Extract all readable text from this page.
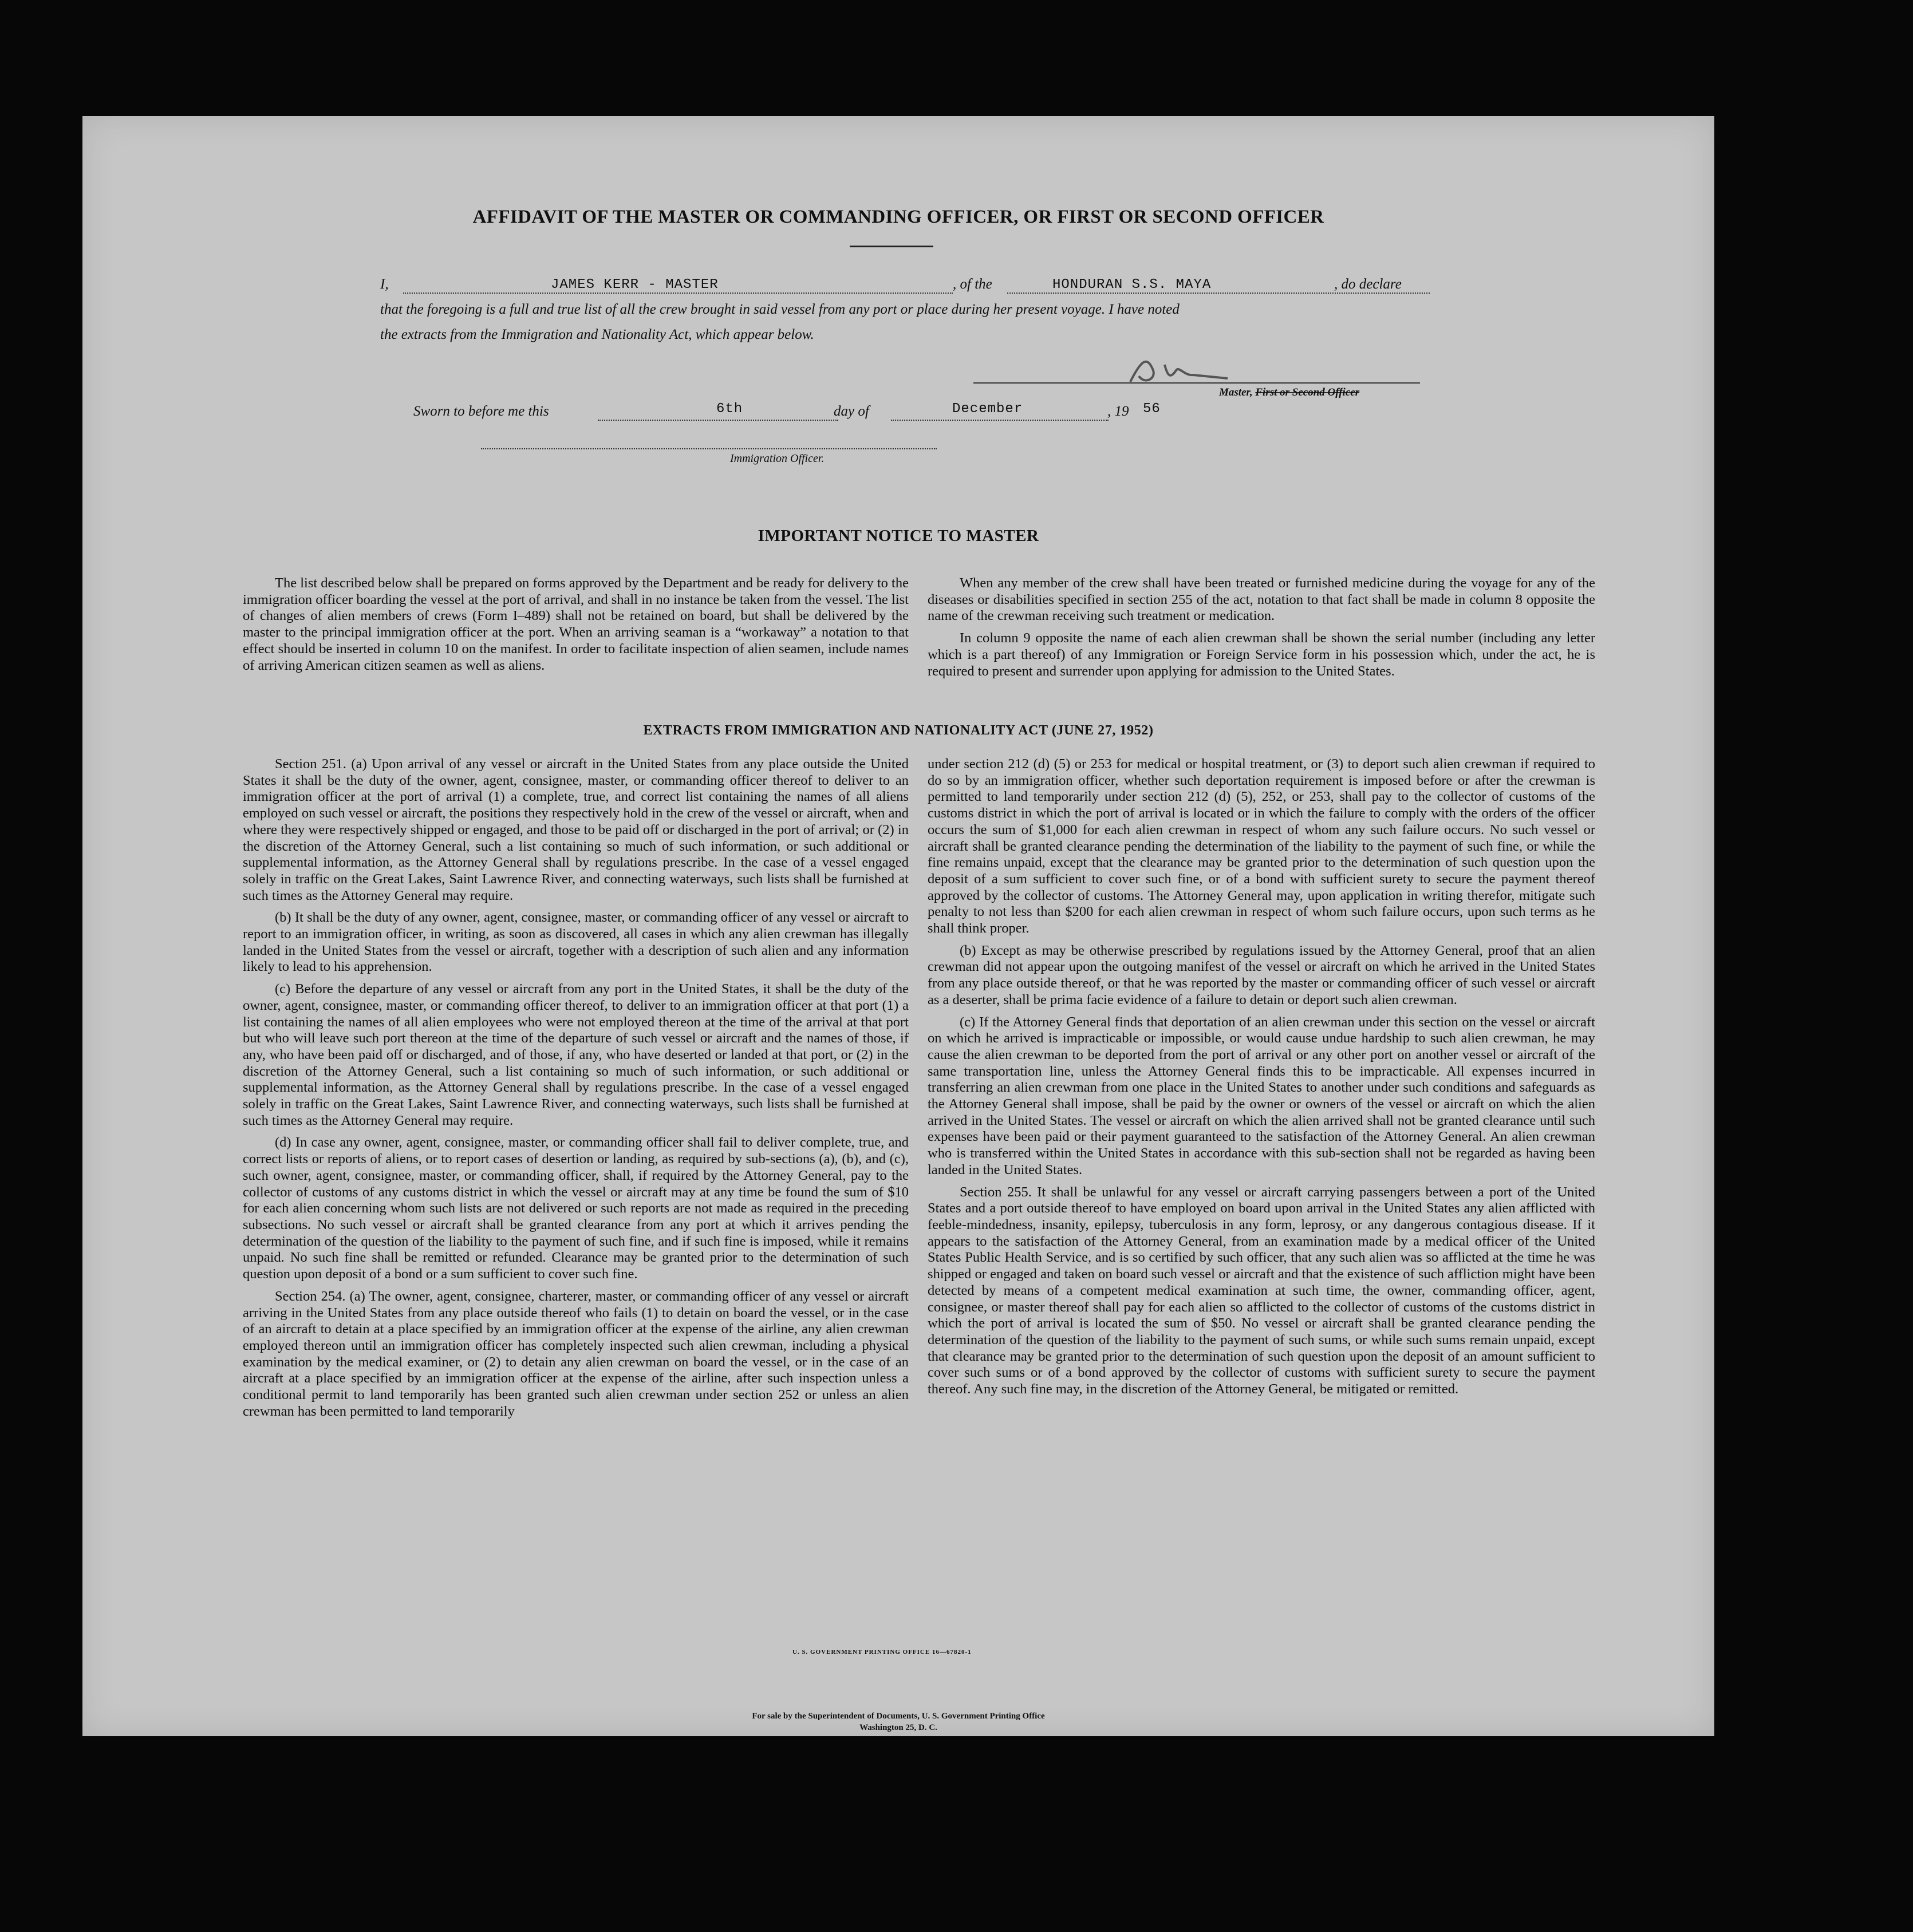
AFFIDAVIT OF THE MASTER OR COMMANDING OFFICER, OR FIRST OR SECOND OFFICER
I,	JAMES KERR - MASTER	, of the	HONDURAN S.S. MAYA	, do declare
that the foregoing is a full and true list of all the crew brought in said vessel from any port or place during her present voyage. I have noted
the extracts from the Immigration and Nationality Act, which appear below.
Master, First or Second Officer
Sworn to before me this	6th	day of	December	, 19 56
Immigration Officer.
IMPORTANT NOTICE TO MASTER

The list described below shall be prepared on forms approved by the Department and be ready for delivery to the immigration officer boarding the vessel at the port of arrival, and shall in no instance be taken from the vessel. The list of changes of alien members of crews (Form I–489) shall not be retained on board, but shall be delivered by the master to the principal immigration officer at the port. When an arriving seaman is a “workaway” a notation to that effect should be inserted in column 10 on the manifest. In order to facilitate inspection of alien seamen, include names of arriving American citizen seamen as well as aliens.

When any member of the crew shall have been treated or furnished medicine during the voyage for any of the diseases or disabilities specified in section 255 of the act, notation to that fact shall be made in column 8 opposite the name of the crewman receiving such treatment or medication.

In column 9 opposite the name of each alien crewman shall be shown the serial number (including any letter which is a part thereof) of any Immigration or Foreign Service form in his possession which, under the act, he is required to present and surrender upon applying for admission to the United States.

EXTRACTS FROM IMMIGRATION AND NATIONALITY ACT (JUNE 27, 1952)

Section 251. (a) Upon arrival of any vessel or aircraft in the United States from any place outside the United States it shall be the duty of the owner, agent, consignee, master, or commanding officer thereof to deliver to an immigration officer at the port of arrival (1) a complete, true, and correct list containing the names of all aliens employed on such vessel or aircraft, the positions they respectively hold in the crew of the vessel or aircraft, when and where they were respectively shipped or engaged, and those to be paid off or discharged in the port of arrival; or (2) in the discretion of the Attorney General, such a list containing so much of such information, or such additional or supplemental information, as the Attorney General shall by regulations prescribe. In the case of a vessel engaged solely in traffic on the Great Lakes, Saint Lawrence River, and connecting waterways, such lists shall be furnished at such times as the Attorney General may require.

(b) It shall be the duty of any owner, agent, consignee, master, or commanding officer of any vessel or aircraft to report to an immigration officer, in writing, as soon as discovered, all cases in which any alien crewman has illegally landed in the United States from the vessel or aircraft, together with a description of such alien and any information likely to lead to his apprehension.

(c) Before the departure of any vessel or aircraft from any port in the United States, it shall be the duty of the owner, agent, consignee, master, or commanding officer thereof, to deliver to an immigration officer at that port (1) a list containing the names of all alien employees who were not employed thereon at the time of the arrival at that port but who will leave such port thereon at the time of the departure of such vessel or aircraft and the names of those, if any, who have been paid off or discharged, and of those, if any, who have deserted or landed at that port, or (2) in the discretion of the Attorney General, such a list containing so much of such information, or such additional or supplemental information, as the Attorney General shall by regulations prescribe. In the case of a vessel engaged solely in traffic on the Great Lakes, Saint Lawrence River, and connecting waterways, such lists shall be furnished at such times as the Attorney General may require.

(d) In case any owner, agent, consignee, master, or commanding officer shall fail to deliver complete, true, and correct lists or reports of aliens, or to report cases of desertion or landing, as required by sub-sections (a), (b), and (c), such owner, agent, consignee, master, or commanding officer, shall, if required by the Attorney General, pay to the collector of customs of any customs district in which the vessel or aircraft may at any time be found the sum of $10 for each alien concerning whom such lists are not delivered or such reports are not made as required in the preceding subsections. No such vessel or aircraft shall be granted clearance from any port at which it arrives pending the determination of the question of the liability to the payment of such fine, and if such fine is imposed, while it remains unpaid. No such fine shall be remitted or refunded. Clearance may be granted prior to the determination of such question upon deposit of a bond or a sum sufficient to cover such fine.

Section 254. (a) The owner, agent, consignee, charterer, master, or commanding officer of any vessel or aircraft arriving in the United States from any place outside thereof who fails (1) to detain on board the vessel, or in the case of an aircraft to detain at a place specified by an immigration officer at the expense of the airline, any alien crewman employed thereon until an immigration officer has completely inspected such alien crewman, including a physical examination by the medical examiner, or (2) to detain any alien crewman on board the vessel, or in the case of an aircraft at a place specified by an immigration officer at the expense of the airline, after such inspection unless a conditional permit to land temporarily has been granted such alien crewman under section 252 or unless an alien crewman has been permitted to land temporarily

under section 212 (d) (5) or 253 for medical or hospital treatment, or (3) to deport such alien crewman if required to do so by an immigration officer, whether such deportation requirement is imposed before or after the crewman is permitted to land temporarily under section 212 (d) (5), 252, or 253, shall pay to the collector of customs of the customs district in which the port of arrival is located or in which the failure to comply with the orders of the officer occurs the sum of $1,000 for each alien crewman in respect of whom any such failure occurs. No such vessel or aircraft shall be granted clearance pending the determination of the liability to the payment of such fine, or while the fine remains unpaid, except that the clearance may be granted prior to the determination of such question upon the deposit of a sum sufficient to cover such fine, or of a bond with sufficient surety to secure the payment thereof approved by the collector of customs. The Attorney General may, upon application in writing therefor, mitigate such penalty to not less than $200 for each alien crewman in respect of whom such failure occurs, upon such terms as he shall think proper.

(b) Except as may be otherwise prescribed by regulations issued by the Attorney General, proof that an alien crewman did not appear upon the outgoing manifest of the vessel or aircraft on which he arrived in the United States from any place outside thereof, or that he was reported by the master or commanding officer of such vessel or aircraft as a deserter, shall be prima facie evidence of a failure to detain or deport such alien crewman.

(c) If the Attorney General finds that deportation of an alien crewman under this section on the vessel or aircraft on which he arrived is impracticable or impossible, or would cause undue hardship to such alien crewman, he may cause the alien crewman to be deported from the port of arrival or any other port on another vessel or aircraft of the same transportation line, unless the Attorney General finds this to be impracticable. All expenses incurred in transferring an alien crewman from one place in the United States to another under such conditions and safeguards as the Attorney General shall impose, shall be paid by the owner or owners of the vessel or aircraft on which the alien arrived in the United States. The vessel or aircraft on which the alien arrived shall not be granted clearance until such expenses have been paid or their payment guaranteed to the satisfaction of the Attorney General. An alien crewman who is transferred within the United States in accordance with this sub-section shall not be regarded as having been landed in the United States.

Section 255. It shall be unlawful for any vessel or aircraft carrying passengers between a port of the United States and a port outside thereof to have employed on board upon arrival in the United States any alien afflicted with feeble-mindedness, insanity, epilepsy, tuberculosis in any form, leprosy, or any dangerous contagious disease. If it appears to the satisfaction of the Attorney General, from an examination made by a medical officer of the United States Public Health Service, and is so certified by such officer, that any such alien was so afflicted at the time he was shipped or engaged and taken on board such vessel or aircraft and that the existence of such affliction might have been detected by means of a competent medical examination at such time, the owner, commanding officer, agent, consignee, or master thereof shall pay for each alien so afflicted to the collector of customs of the customs district in which the port of arrival is located the sum of $50. No vessel or aircraft shall be granted clearance pending the determination of the question of the liability to the payment of such sums, or while such sums remain unpaid, except that clearance may be granted prior to the determination of such question upon the deposit of an amount sufficient to cover such sums or of a bond approved by the collector of customs with sufficient surety to secure the payment thereof. Any such fine may, in the discretion of the Attorney General, be mitigated or remitted.

U. S. GOVERNMENT PRINTING OFFICE 16—67820-1
For sale by the Superintendent of Documents, U. S. Government Printing Office
Washington 25, D. C.
